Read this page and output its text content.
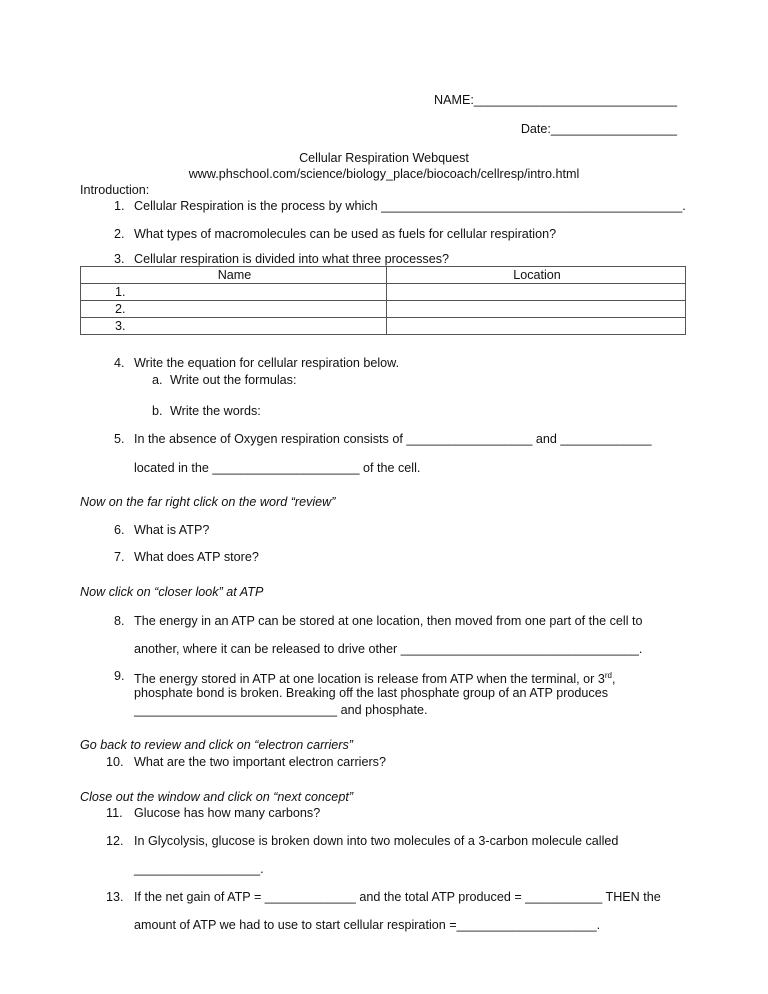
NAME:_____________________________
Date:__________________
Cellular Respiration Webquest
www.phschool.com/science/biology_place/biocoach/cellresp/intro.html
Introduction:
1. Cellular Respiration is the process by which ___________________________________________.
2. What types of macromolecules can be used as fuels for cellular respiration?
3. Cellular respiration is divided into what three processes?
Name	Location
1.	
2.	
3.	
4. Write the equation for cellular respiration below.
a. Write out the formulas:
b. Write the words:
5. In the absence of Oxygen respiration consists of __________________ and _____________
located in the _____________________ of the cell.
Now on the far right click on the word “review”
6. What is ATP?
7. What does ATP store?
Now click on “closer look” at ATP
8. The energy in an ATP can be stored at one location, then moved from one part of the cell to
another, where it can be released to drive other __________________________________.
9. The energy stored in ATP at one location is release from ATP when the terminal, or 3rd,
phosphate bond is broken. Breaking off the last phosphate group of an ATP produces
_____________________________ and phosphate.
Go back to review and click on “electron carriers”
10. What are the two important electron carriers?
Close out the window and click on “next concept”
11. Glucose has how many carbons?
12. In Glycolysis, glucose is broken down into two molecules of a 3-carbon molecule called
__________________.
13. If the net gain of ATP = _____________ and the total ATP produced = ___________ THEN the
amount of ATP we had to use to start cellular respiration =____________________.
